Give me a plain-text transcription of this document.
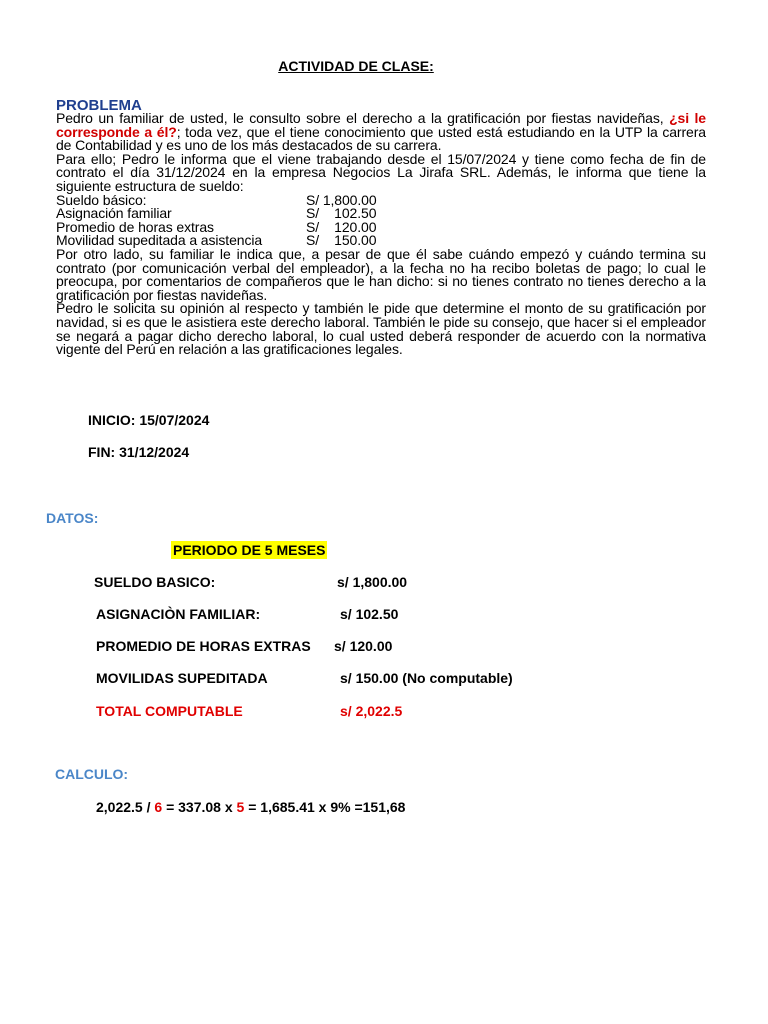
ACTIVIDAD DE CLASE:
PROBLEMA

Pedro un familiar de usted, le consulto sobre el derecho a la gratificación por fiestas navideñas, ¿si le corresponde a él?; toda vez, que el tiene conocimiento que usted está estudiando en la UTP la carrera de Contabilidad y es uno de los más destacados de su carrera.

Para ello; Pedro le informa que el viene trabajando desde el 15/07/2024 y tiene como fecha de fin de contrato el día 31/12/2024 en la empresa Negocios La Jirafa SRL. Además, le informa que tiene la siguiente estructura de sueldo:

Sueldo básico:	S/ 1,800.00
Asignación familiar	S/    102.50
Promedio de horas extras	S/    120.00
Movilidad supeditada a asistencia	S/    150.00

Por otro lado, su familiar le indica que, a pesar de que él sabe cuándo empezó y cuándo termina su contrato (por comunicación verbal del empleador), a la fecha no ha recibo boletas de pago; lo cual le preocupa, por comentarios de compañeros que le han dicho: si no tienes contrato no tienes derecho a la gratificación por fiestas navideñas.

Pedro le solicita su opinión al respecto y también le pide que determine el monto de su gratificación por navidad, si es que le asistiera este derecho laboral. También le pide su consejo, que hacer si el empleador se negará a pagar dicho derecho laboral, lo cual usted deberá responder de acuerdo con la normativa vigente del Perú en relación a las gratificaciones legales.

INICIO: 15/07/2024
FIN: 31/12/2024
DATOS:
PERIODO DE 5 MESES
SUELDO BASICO:	s/ 1,800.00
ASIGNACIÒN FAMILIAR:	s/ 102.50
PROMEDIO DE HORAS EXTRAS s/ 120.00
MOVILIDAS SUPEDITADA	s/ 150.00 (No computable)
TOTAL COMPUTABLE	s/ 2,022.5
CALCULO:
2,022.5 / 6 = 337.08 x 5 = 1,685.41 x 9% =151,68
